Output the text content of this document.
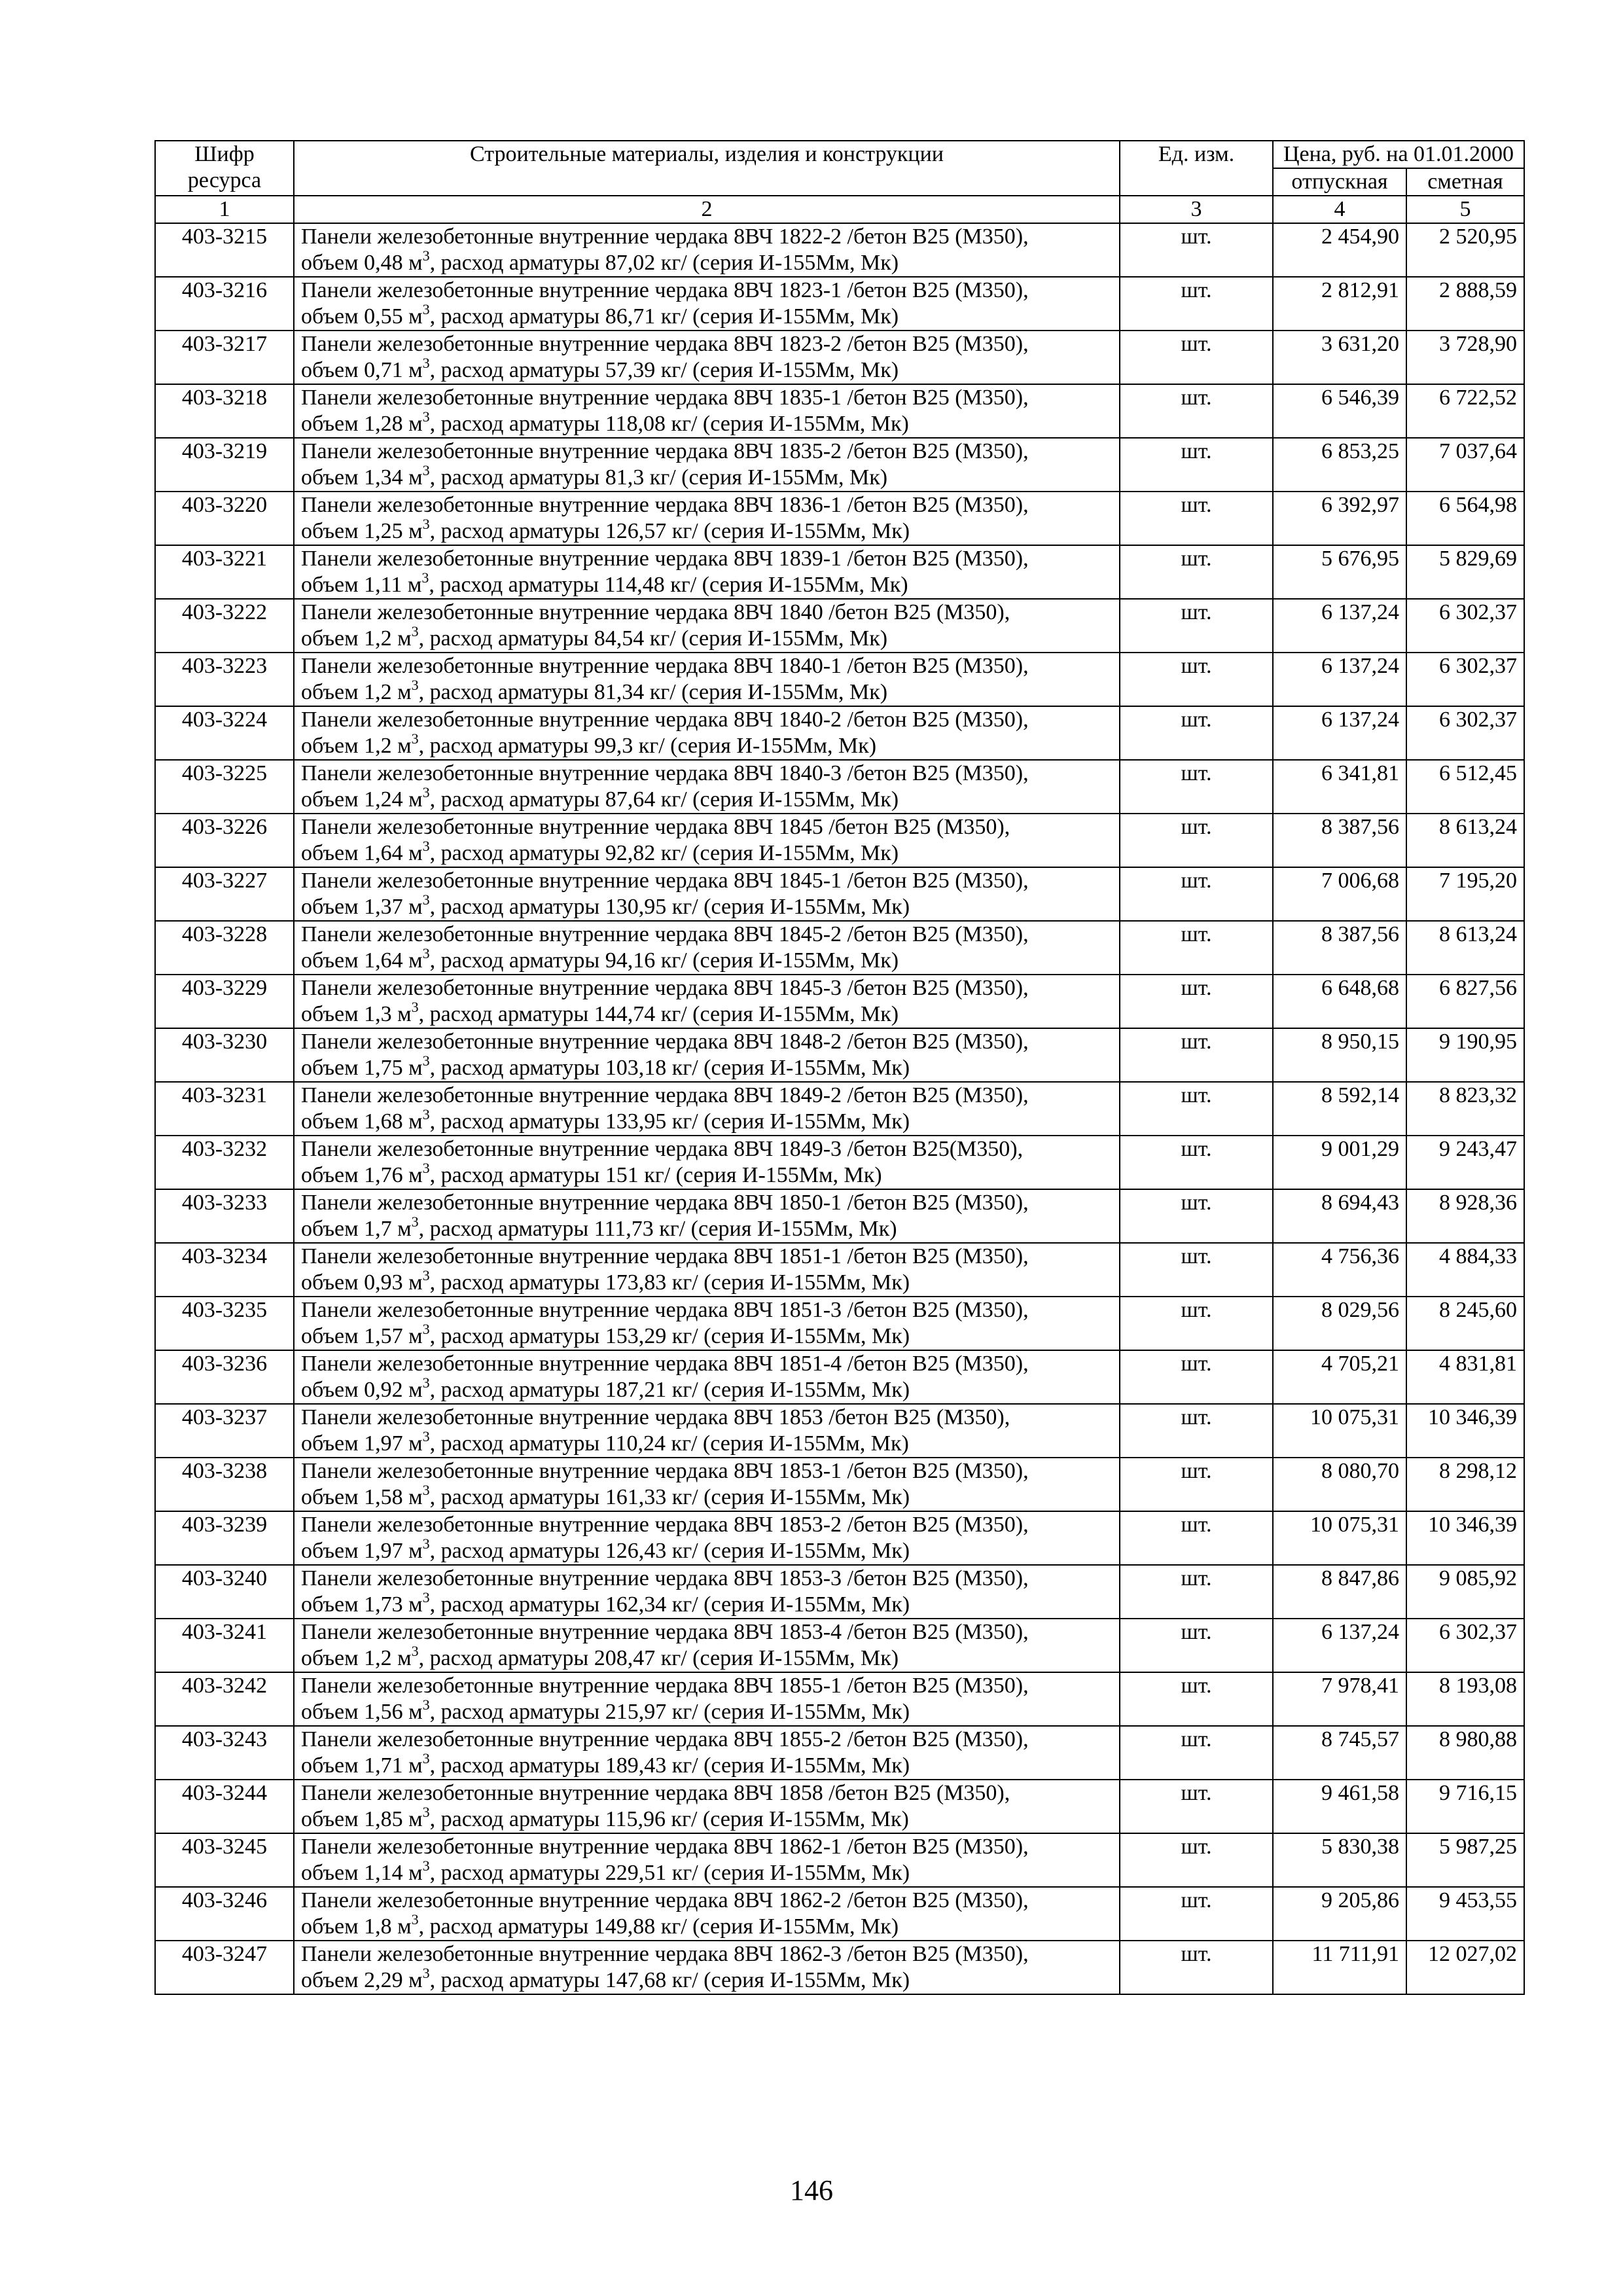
Шифр
ресурса	Строительные материалы, изделия и конструкции	Ед. изм.	Цена, руб. на 01.01.2000	
			отпускная	сметная
1	2	3	4	5
403-3215	Панели железобетонные внутренние чердака 8ВЧ 1822-2 /бетон В25 (М350),
объем 0,48 $м^3$, расход арматуры 87,02 кг/ (серия И-155Мм, Мк)	шт.	2 454,90	2 520,95
403-3216	Панели железобетонные внутренние чердака 8ВЧ 1823-1 /бетон В25 (М350),
объем 0,55 $м^3$, расход арматуры 86,71 кг/ (серия И-155Мм, Мк)	шт.	2 812,91	2 888,59
403-3217	Панели железобетонные внутренние чердака 8ВЧ 1823-2 /бетон В25 (М350),
объем 0,71 $м^3$, расход арматуры 57,39 кг/ (серия И-155Мм, Мк)	шт.	3 631,20	3 728,90
403-3218	Панели железобетонные внутренние чердака 8ВЧ 1835-1 /бетон В25 (М350),
объем 1,28 $м^3$, расход арматуры 118,08 кг/ (серия И-155Мм, Мк)	шт.	6 546,39	6 722,52
403-3219	Панели железобетонные внутренние чердака 8ВЧ 1835-2 /бетон В25 (М350),
объем 1,34 $м^3$, расход арматуры 81,3 кг/ (серия И-155Мм, Мк)	шт.	6 853,25	7 037,64
403-3220	Панели железобетонные внутренние чердака 8ВЧ 1836-1 /бетон В25 (М350),
объем 1,25 $м^3$, расход арматуры 126,57 кг/ (серия И-155Мм, Мк)	шт.	6 392,97	6 564,98
403-3221	Панели железобетонные внутренние чердака 8ВЧ 1839-1 /бетон В25 (М350),
объем 1,11 $м^3$, расход арматуры 114,48 кг/ (серия И-155Мм, Мк)	шт.	5 676,95	5 829,69
403-3222	Панели железобетонные внутренние чердака 8ВЧ 1840 /бетон В25 (М350),
объем 1,2 $м^3$, расход арматуры 84,54 кг/ (серия И-155Мм, Мк)	шт.	6 137,24	6 302,37
403-3223	Панели железобетонные внутренние чердака 8ВЧ 1840-1 /бетон В25 (М350),
объем 1,2 $м^3$, расход арматуры 81,34 кг/ (серия И-155Мм, Мк)	шт.	6 137,24	6 302,37
403-3224	Панели железобетонные внутренние чердака 8ВЧ 1840-2 /бетон В25 (М350),
объем 1,2 $м^3$, расход арматуры 99,3 кг/ (серия И-155Мм, Мк)	шт.	6 137,24	6 302,37
403-3225	Панели железобетонные внутренние чердака 8ВЧ 1840-3 /бетон В25 (М350),
объем 1,24 $м^3$, расход арматуры 87,64 кг/ (серия И-155Мм, Мк)	шт.	6 341,81	6 512,45
403-3226	Панели железобетонные внутренние чердака 8ВЧ 1845 /бетон В25 (М350),
объем 1,64 $м^3$, расход арматуры 92,82 кг/ (серия И-155Мм, Мк)	шт.	8 387,56	8 613,24
403-3227	Панели железобетонные внутренние чердака 8ВЧ 1845-1 /бетон В25 (М350),
объем 1,37 $м^3$, расход арматуры 130,95 кг/ (серия И-155Мм, Мк)	шт.	7 006,68	7 195,20
403-3228	Панели железобетонные внутренние чердака 8ВЧ 1845-2 /бетон В25 (М350),
объем 1,64 $м^3$, расход арматуры 94,16 кг/ (серия И-155Мм, Мк)	шт.	8 387,56	8 613,24
403-3229	Панели железобетонные внутренние чердака 8ВЧ 1845-3 /бетон В25 (М350),
объем 1,3 $м^3$, расход арматуры 144,74 кг/ (серия И-155Мм, Мк)	шт.	6 648,68	6 827,56
403-3230	Панели железобетонные внутренние чердака 8ВЧ 1848-2 /бетон В25 (М350),
объем 1,75 $м^3$, расход арматуры 103,18 кг/ (серия И-155Мм, Мк)	шт.	8 950,15	9 190,95
403-3231	Панели железобетонные внутренние чердака 8ВЧ 1849-2 /бетон В25 (М350),
объем 1,68 $м^3$, расход арматуры 133,95 кг/ (серия И-155Мм, Мк)	шт.	8 592,14	8 823,32
403-3232	Панели железобетонные внутренние чердака 8ВЧ 1849-3 /бетон В25(М350),
объем 1,76 $м^3$, расход арматуры 151 кг/ (серия И-155Мм, Мк)	шт.	9 001,29	9 243,47
403-3233	Панели железобетонные внутренние чердака 8ВЧ 1850-1 /бетон В25 (М350),
объем 1,7 $м^3$, расход арматуры 111,73 кг/ (серия И-155Мм, Мк)	шт.	8 694,43	8 928,36
403-3234	Панели железобетонные внутренние чердака 8ВЧ 1851-1 /бетон В25 (М350),
объем 0,93 $м^3$, расход арматуры 173,83 кг/ (серия И-155Мм, Мк)	шт.	4 756,36	4 884,33
403-3235	Панели железобетонные внутренние чердака 8ВЧ 1851-3 /бетон В25 (М350),
объем 1,57 $м^3$, расход арматуры 153,29 кг/ (серия И-155Мм, Мк)	шт.	8 029,56	8 245,60
403-3236	Панели железобетонные внутренние чердака 8ВЧ 1851-4 /бетон В25 (М350),
объем 0,92 $м^3$, расход арматуры 187,21 кг/ (серия И-155Мм, Мк)	шт.	4 705,21	4 831,81
403-3237	Панели железобетонные внутренние чердака 8ВЧ 1853 /бетон В25 (М350),
объем 1,97 $м^3$, расход арматуры 110,24 кг/ (серия И-155Мм, Мк)	шт.	10 075,31	10 346,39
403-3238	Панели железобетонные внутренние чердака 8ВЧ 1853-1 /бетон В25 (М350),
объем 1,58 $м^3$, расход арматуры 161,33 кг/ (серия И-155Мм, Мк)	шт.	8 080,70	8 298,12
403-3239	Панели железобетонные внутренние чердака 8ВЧ 1853-2 /бетон В25 (М350),
объем 1,97 $м^3$, расход арматуры 126,43 кг/ (серия И-155Мм, Мк)	шт.	10 075,31	10 346,39
403-3240	Панели железобетонные внутренние чердака 8ВЧ 1853-3 /бетон В25 (М350),
объем 1,73 $м^3$, расход арматуры 162,34 кг/ (серия И-155Мм, Мк)	шт.	8 847,86	9 085,92
403-3241	Панели железобетонные внутренние чердака 8ВЧ 1853-4 /бетон В25 (М350),
объем 1,2 $м^3$, расход арматуры 208,47 кг/ (серия И-155Мм, Мк)	шт.	6 137,24	6 302,37
403-3242	Панели железобетонные внутренние чердака 8ВЧ 1855-1 /бетон В25 (М350),
объем 1,56 $м^3$, расход арматуры 215,97 кг/ (серия И-155Мм, Мк)	шт.	7 978,41	8 193,08
403-3243	Панели железобетонные внутренние чердака 8ВЧ 1855-2 /бетон В25 (М350),
объем 1,71 $м^3$, расход арматуры 189,43 кг/ (серия И-155Мм, Мк)	шт.	8 745,57	8 980,88
403-3244	Панели железобетонные внутренние чердака 8ВЧ 1858 /бетон В25 (М350),
объем 1,85 $м^3$, расход арматуры 115,96 кг/ (серия И-155Мм, Мк)	шт.	9 461,58	9 716,15
403-3245	Панели железобетонные внутренние чердака 8ВЧ 1862-1 /бетон В25 (М350),
объем 1,14 $м^3$, расход арматуры 229,51 кг/ (серия И-155Мм, Мк)	шт.	5 830,38	5 987,25
403-3246	Панели железобетонные внутренние чердака 8ВЧ 1862-2 /бетон В25 (М350),
объем 1,8 $м^3$, расход арматуры 149,88 кг/ (серия И-155Мм, Мк)	шт.	9 205,86	9 453,55
403-3247	Панели железобетонные внутренние чердака 8ВЧ 1862-3 /бетон В25 (М350),
объем 2,29 $м^3$, расход арматуры 147,68 кг/ (серия И-155Мм, Мк)	шт.	11 711,91	12 027,02
146
